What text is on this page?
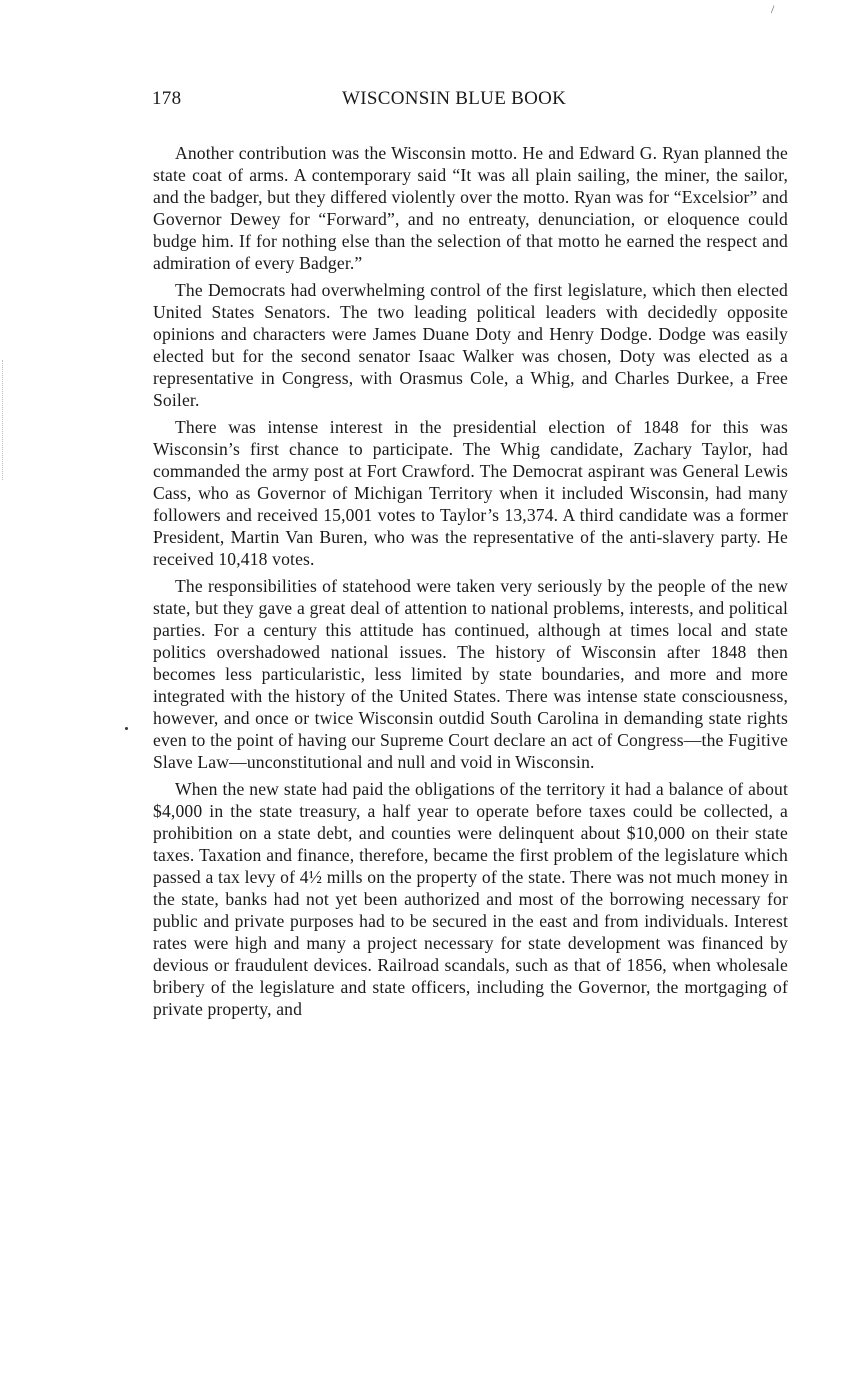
/
178	WISCONSIN BLUE BOOK

Another contribution was the Wisconsin motto. He and Edward G. Ryan planned the state coat of arms. A contemporary said “It was all plain sailing, the miner, the sailor, and the badger, but they differed violently over the motto. Ryan was for “Excelsior” and Governor Dewey for “Forward”, and no entreaty, denunciation, or eloquence could budge him. If for nothing else than the selection of that motto he earned the respect and admiration of every Badger.”

The Democrats had overwhelming control of the first legislature, which then elected United States Senators. The two leading political leaders with decidedly opposite opinions and characters were James Duane Doty and Henry Dodge. Dodge was easily elected but for the second senator Isaac Walker was chosen, Doty was elected as a representative in Congress, with Orasmus Cole, a Whig, and Charles Durkee, a Free Soiler.

There was intense interest in the presidential election of 1848 for this was Wisconsin’s first chance to participate. The Whig candidate, Zachary Taylor, had commanded the army post at Fort Crawford. The Democrat aspirant was General Lewis Cass, who as Governor of Michigan Territory when it included Wisconsin, had many followers and received 15,001 votes to Taylor’s 13,374. A third candidate was a former President, Martin Van Buren, who was the representative of the anti-slavery party. He received 10,418 votes.

The responsibilities of statehood were taken very seriously by the people of the new state, but they gave a great deal of attention to national problems, interests, and political parties. For a century this attitude has continued, although at times local and state politics overshadowed national issues. The history of Wisconsin after 1848 then becomes less particularistic, less limited by state boundaries, and more and more integrated with the history of the United States. There was intense state consciousness, however, and once or twice Wisconsin outdid South Carolina in demanding state rights even to the point of having our Supreme Court declare an act of Congress—the Fugitive Slave Law—unconstitutional and null and void in Wisconsin.

When the new state had paid the obligations of the territory it had a balance of about $4,000 in the state treasury, a half year to operate before taxes could be collected, a prohibition on a state debt, and counties were delinquent about $10,000 on their state taxes. Taxation and finance, therefore, became the first problem of the legislature which passed a tax levy of 4½ mills on the property of the state. There was not much money in the state, banks had not yet been authorized and most of the borrowing necessary for public and private purposes had to be secured in the east and from individuals. Interest rates were high and many a project necessary for state development was financed by devious or fraudulent devices. Railroad scandals, such as that of 1856, when wholesale bribery of the legislature and state officers, including the Governor, the mortgaging of private property, and
